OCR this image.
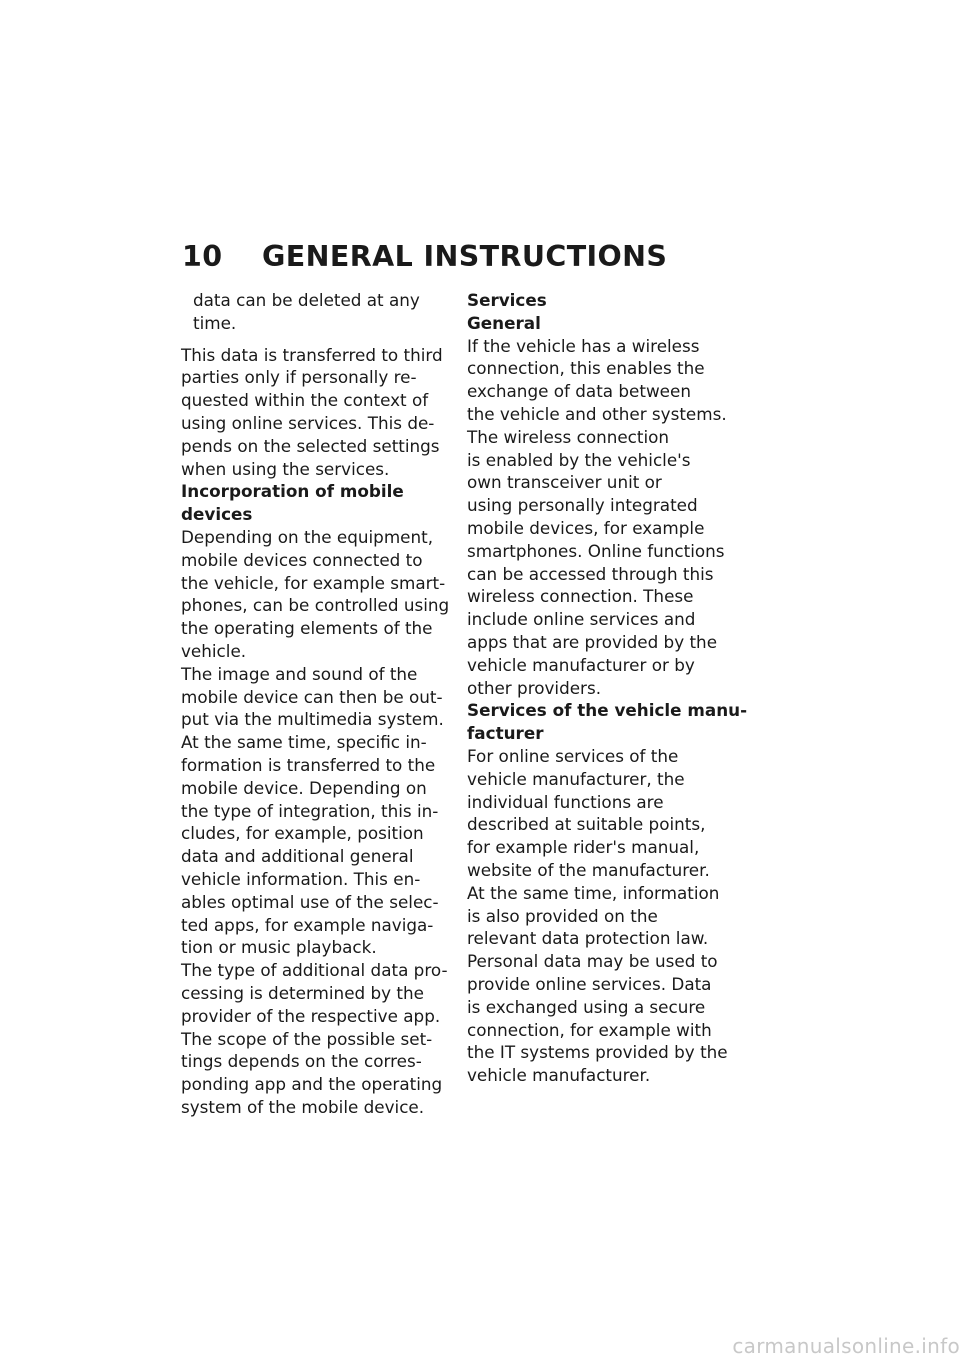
10 GENERAL INSTRUCTIONS
data can be deleted at any
time.
This data is transferred to third
parties only if personally re-
quested within the context of
using online services. This de-
pends on the selected settings
when using the services.
Incorporation of mobile
devices
Depending on the equipment,
mobile devices connected to
the vehicle, for example smart-
phones, can be controlled using
the operating elements of the
vehicle.
The image and sound of the
mobile device can then be out-
put via the multimedia system.
At the same time, specific in-
formation is transferred to the
mobile device. Depending on
the type of integration, this in-
cludes, for example, position
data and additional general
vehicle information. This en-
ables optimal use of the selec-
ted apps, for example naviga-
tion or music playback.
The type of additional data pro-
cessing is determined by the
provider of the respective app.
The scope of the possible set-
tings depends on the corres-
ponding app and the operating
system of the mobile device.
Services
General
If the vehicle has a wireless
connection, this enables the
exchange of data between
the vehicle and other systems.
The wireless connection
is enabled by the vehicle's
own transceiver unit or
using personally integrated
mobile devices, for example
smartphones. Online functions
can be accessed through this
wireless connection. These
include online services and
apps that are provided by the
vehicle manufacturer or by
other providers.
Services of the vehicle manu-
facturer
For online services of the
vehicle manufacturer, the
individual functions are
described at suitable points,
for example rider's manual,
website of the manufacturer.
At the same time, information
is also provided on the
relevant data protection law.
Personal data may be used to
provide online services. Data
is exchanged using a secure
connection, for example with
the IT systems provided by the
vehicle manufacturer.
carmanualsonline.info
